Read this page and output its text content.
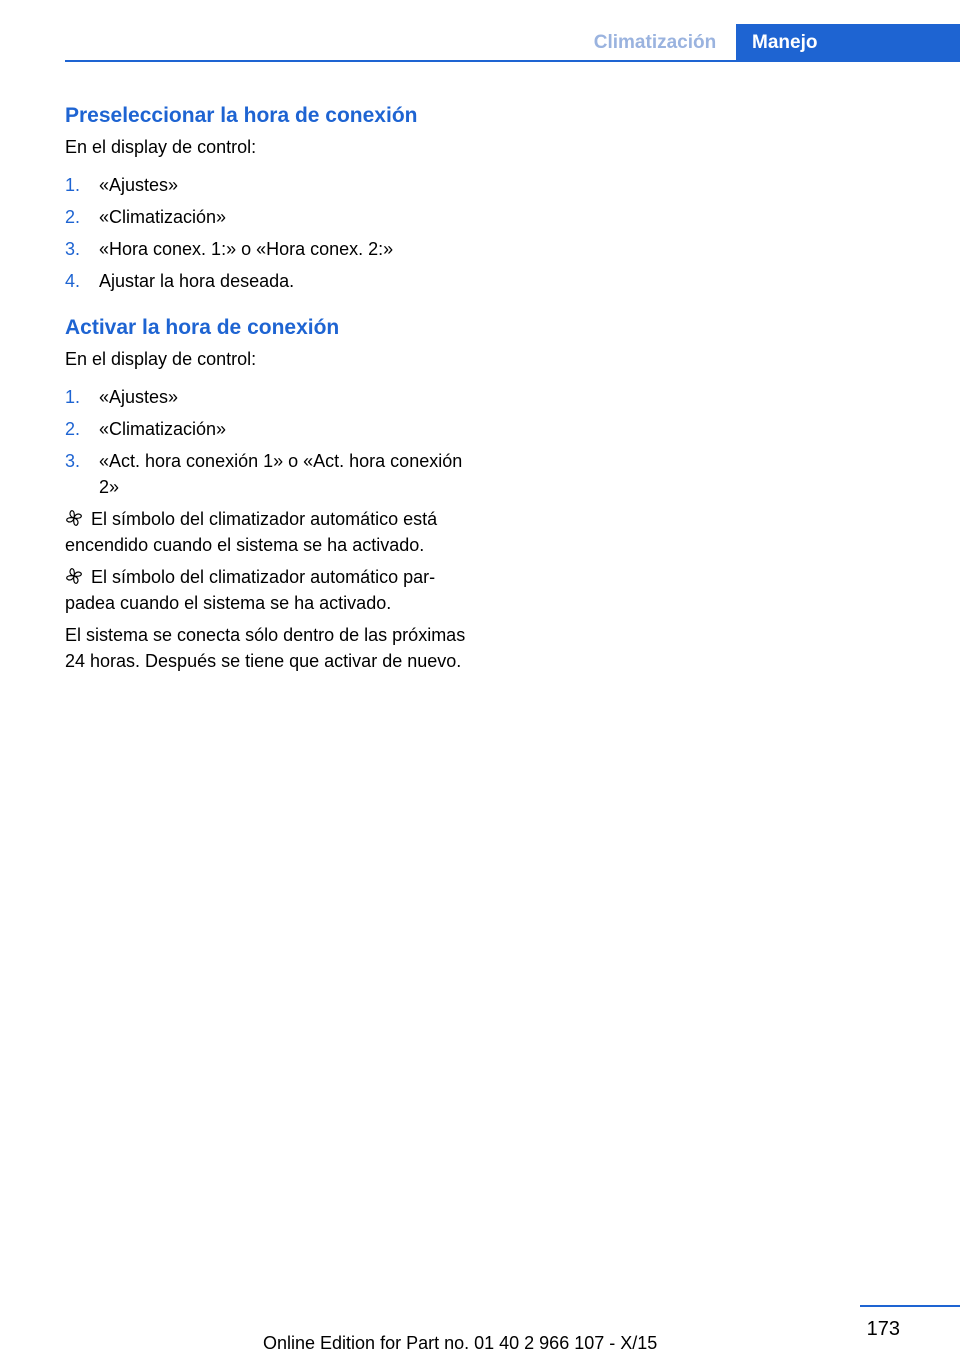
Climatización	Manejo
Preseleccionar la hora de conexión

En el display de control:

1.	«Ajustes»
2.	«Climatización»
3.	«Hora conex. 1:» o «Hora conex. 2:»
4.	Ajustar la hora deseada.
Activar la hora de conexión

En el display de control:

1.	«Ajustes»
2.	«Climatización»
3.	«Act. hora conexión 1» o «Act. hora conexión 2»

El símbolo del climatizador automático está encendido cuando el sistema se ha activado.

El símbolo del climatizador automático parpadea cuando el sistema se ha activado.

El sistema se conecta sólo dentro de las próximas 24 horas. Después se tiene que activar de nuevo.

173
Online Edition for Part no. 01 40 2 966 107 - X/15
